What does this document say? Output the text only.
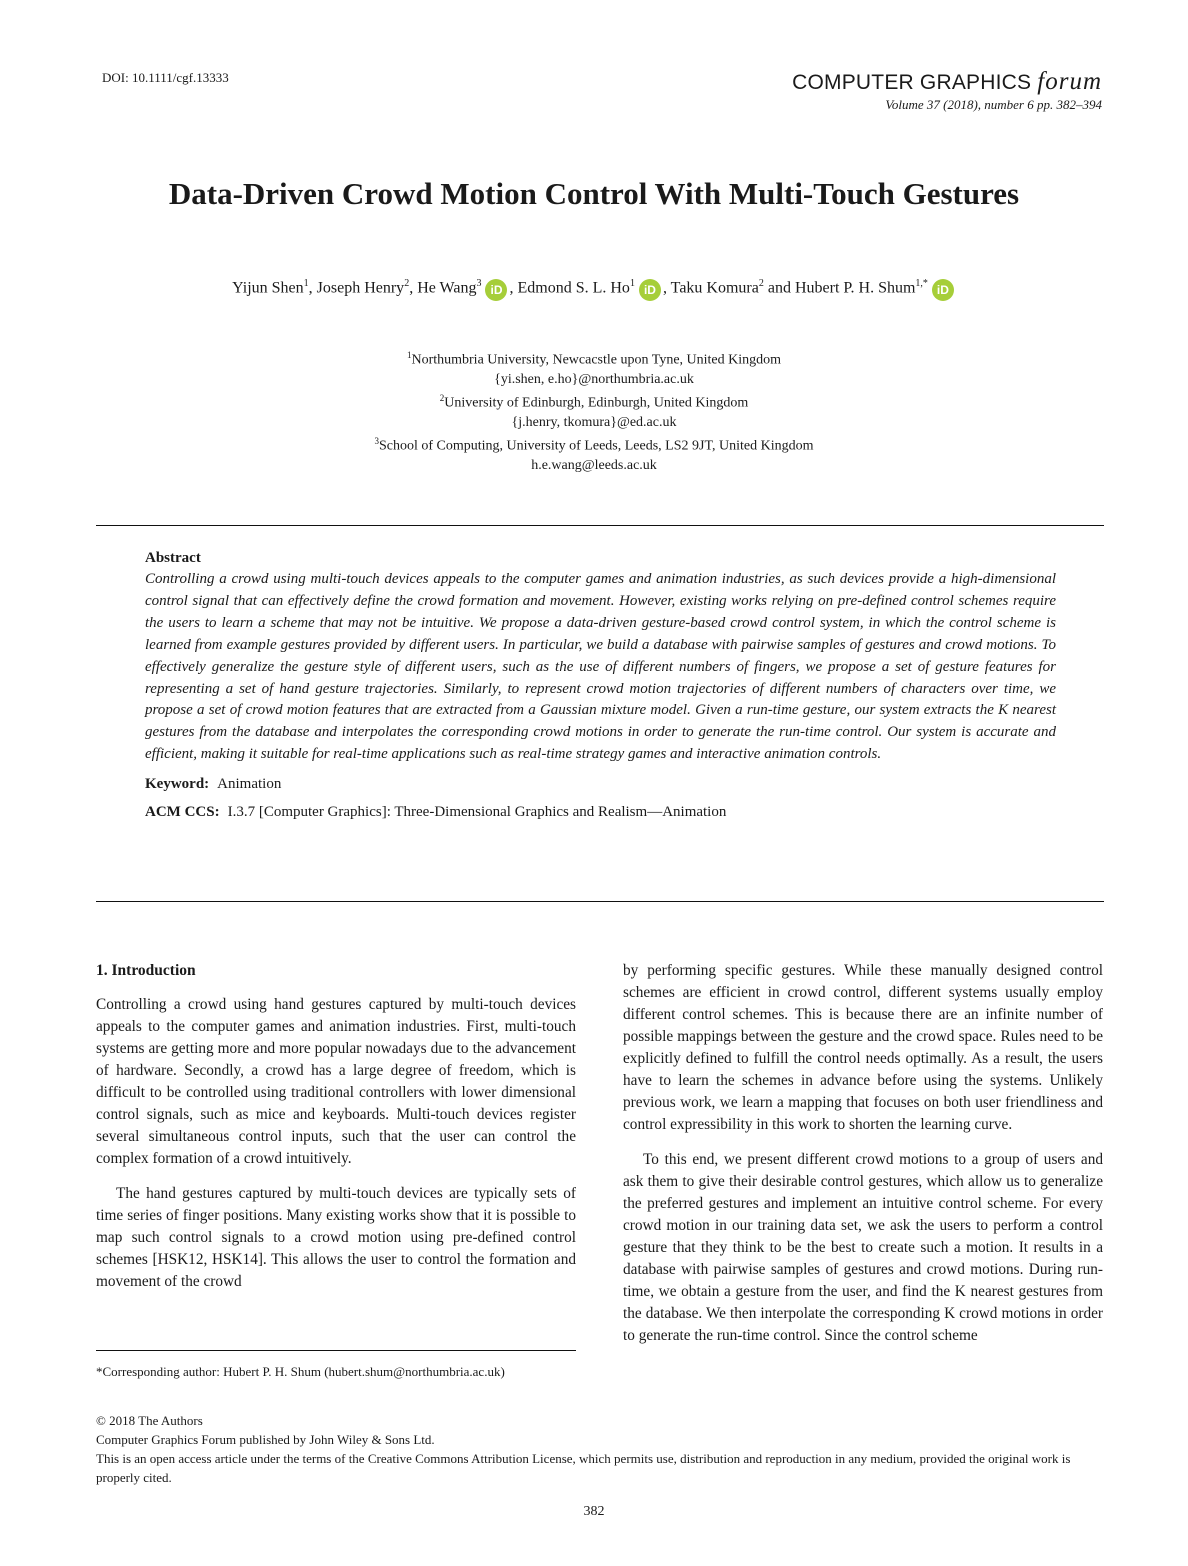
DOI: 10.1111/cgf.13333	COMPUTER GRAPHICS forum
Volume 37 (2018), number 6 pp. 382–394
Data-Driven Crowd Motion Control With Multi-Touch Gestures
Yijun Shen$^1$, Joseph Henry$^2$, He Wang$^3$ iD , Edmond S. L. Ho$^1$ iD , Taku Komura$^2$ and Hubert P. H. Shum$^{1,*}$ iD
$^1$Northumbria University, Newcacstle upon Tyne, United Kingdom
{yi.shen, e.ho}@northumbria.ac.uk
$^2$University of Edinburgh, Edinburgh, United Kingdom
{j.henry, tkomura}@ed.ac.uk
$^3$School of Computing, University of Leeds, Leeds, LS2 9JT, United Kingdom
h.e.wang@leeds.ac.uk
Abstract
Controlling a crowd using multi-touch devices appeals to the computer games and animation industries, as such devices provide a high-dimensional control signal that can effectively define the crowd formation and movement. However, existing works relying on pre-defined control schemes require the users to learn a scheme that may not be intuitive. We propose a data-driven gesture-based crowd control system, in which the control scheme is learned from example gestures provided by different users. In particular, we build a database with pairwise samples of gestures and crowd motions. To effectively generalize the gesture style of different users, such as the use of different numbers of fingers, we propose a set of gesture features for representing a set of hand gesture trajectories. Similarly, to represent crowd motion trajectories of different numbers of characters over time, we propose a set of crowd motion features that are extracted from a Gaussian mixture model. Given a run-time gesture, our system extracts the K nearest gestures from the database and interpolates the corresponding crowd motions in order to generate the run-time control. Our system is accurate and efficient, making it suitable for real-time applications such as real-time strategy games and interactive animation controls.
Keyword: Animation
ACM CCS: I.3.7 [Computer Graphics]: Three-Dimensional Graphics and Realism—Animation
1. Introduction

Controlling a crowd using hand gestures captured by multi-touch devices appeals to the computer games and animation industries. First, multi-touch systems are getting more and more popular nowadays due to the advancement of hardware. Secondly, a crowd has a large degree of freedom, which is difficult to be controlled using traditional controllers with lower dimensional control signals, such as mice and keyboards. Multi-touch devices register several simultaneous control inputs, such that the user can control the complex formation of a crowd intuitively.

The hand gestures captured by multi-touch devices are typically sets of time series of finger positions. Many existing works show that it is possible to map such control signals to a crowd motion using pre-defined control schemes [HSK12, HSK14]. This allows the user to control the formation and movement of the crowd

by performing specific gestures. While these manually designed control schemes are efficient in crowd control, different systems usually employ different control schemes. This is because there are an infinite number of possible mappings between the gesture and the crowd space. Rules need to be explicitly defined to fulfill the control needs optimally. As a result, the users have to learn the schemes in advance before using the systems. Unlikely previous work, we learn a mapping that focuses on both user friendliness and control expressibility in this work to shorten the learning curve.

To this end, we present different crowd motions to a group of users and ask them to give their desirable control gestures, which allow us to generalize the preferred gestures and implement an intuitive control scheme. For every crowd motion in our training data set, we ask the users to perform a control gesture that they think to be the best to create such a motion. It results in a database with pairwise samples of gestures and crowd motions. During run-time, we obtain a gesture from the user, and find the K nearest gestures from the database. We then interpolate the corresponding K crowd motions in order to generate the run-time control. Since the control scheme

*Corresponding author: Hubert P. H. Shum (hubert.shum@northumbria.ac.uk)
© 2018 The Authors
Computer Graphics Forum published by John Wiley & Sons Ltd.
This is an open access article under the terms of the Creative Commons Attribution License, which permits use, distribution and reproduction in any medium, provided the original work is properly cited.
382
